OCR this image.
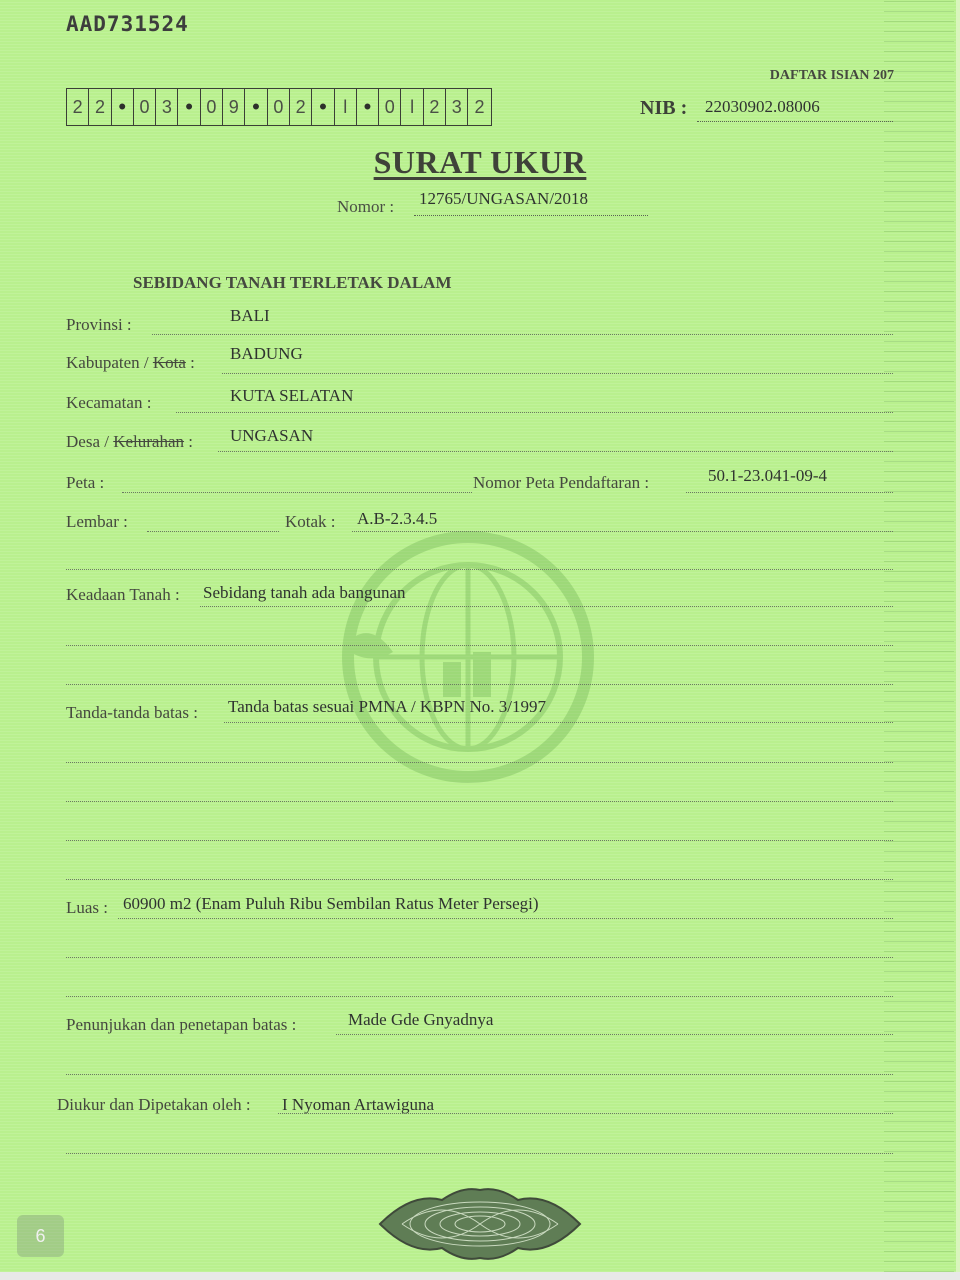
AAD731524
DAFTAR ISIAN 207
2 2 • 0 3 • 0 9 • 0 2 • l • 0 l 2 3 2	NIB : 22030902.08006
SURAT UKUR
Nomor : 12765/UNGASAN/2018
SEBIDANG TANAH TERLETAK DALAM
Provinsi :	BALI
Kabupaten / Kota : BADUNG
Kecamatan :	KUTA SELATAN
Desa / Kelurahan : UNGASAN
Peta :	Nomor Peta Pendaftaran :	50.1-23.041-09-4
Lembar :	Kotak : A.B-2.3.4.5
Keadaan Tanah : Sebidang tanah ada bangunan
Tanda-tanda batas : Tanda batas sesuai PMNA / KBPN No. 3/1997
Luas : 60900 m2 (Enam Puluh Ribu Sembilan Ratus Meter Persegi)
Penunjukan dan penetapan batas :	Made Gde Gnyadnya
Diukur dan Dipetakan oleh : I Nyoman Artawiguna
6
